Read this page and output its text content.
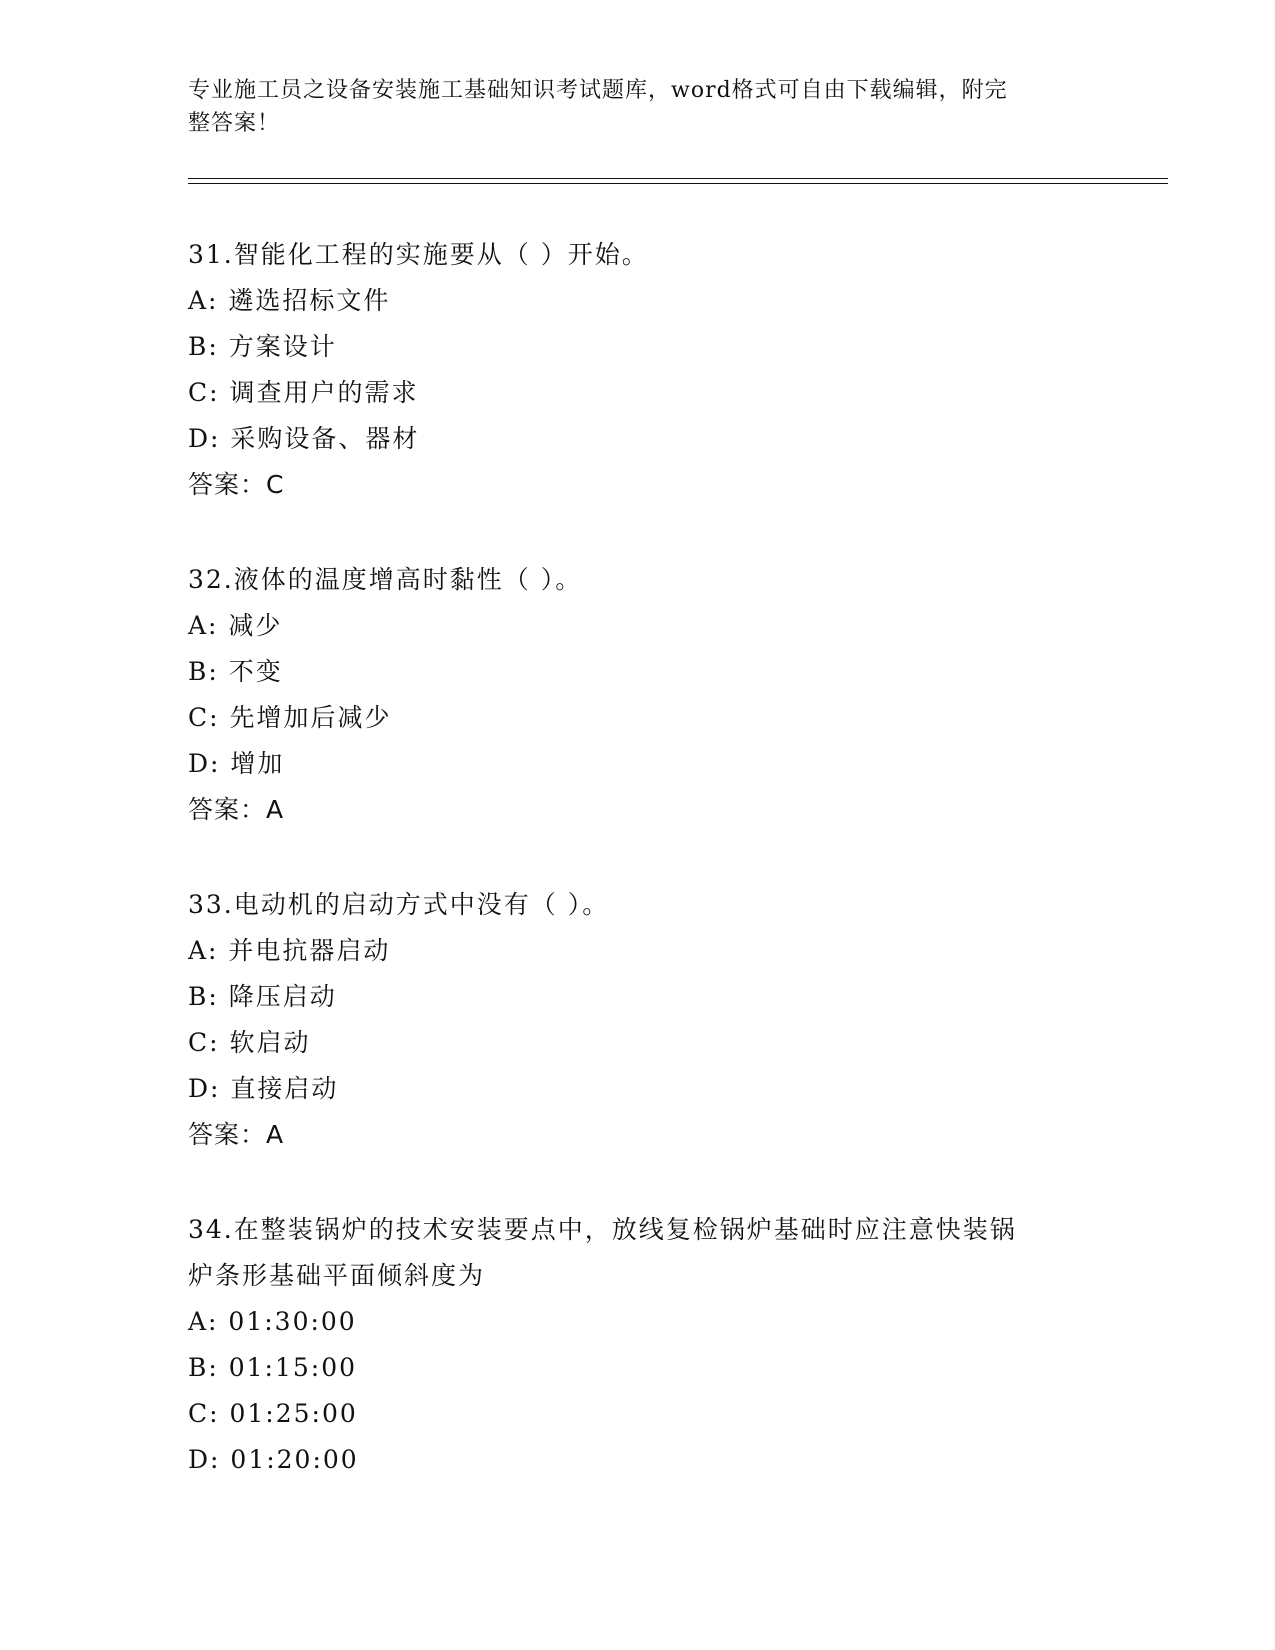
专业施工员之设备安装施工基础知识考试题库，word格式可自由下载编辑，附完
整答案！
31.智能化工程的实施要从（ ）开始。
A: 遴选招标文件
B: 方案设计
C: 调查用户的需求
D: 采购设备、器材
答案：C
32.液体的温度增高时黏性（ ）。
A: 减少
B: 不变
C: 先增加后减少
D: 增加
答案：A
33.电动机的启动方式中没有（ ）。
A: 并电抗器启动
B: 降压启动
C: 软启动
D: 直接启动
答案：A
34.在整装锅炉的技术安装要点中，放线复检锅炉基础时应注意快装锅
炉条形基础平面倾斜度为
A: 01:30:00
B: 01:15:00
C: 01:25:00
D: 01:20:00
